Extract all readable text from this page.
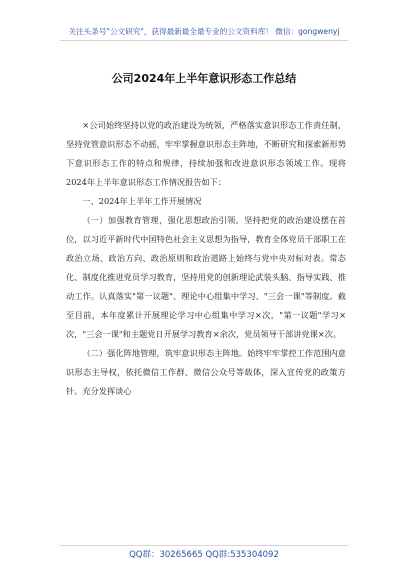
关注头条号"公文研究"，获得最新最全最专业的公文资料库！ 微信：gongwenyj
公司2024年上半年意识形态工作总结

×公司始终坚持以党的政治建设为统领，严格落实意识形态工作责任制，坚持党管意识形态不动摇，牢牢掌握意识形态主阵地，不断研究和探索新形势下意识形态工作的特点和规律，持续加强和改进意识形态领域工作。现将2024年上半年意识形态工作情况报告如下：

一、2024年上半年工作开展情况

（一）加强教育管理，强化思想政治引领。坚持把党的政治建设摆在首位，以习近平新时代中国特色社会主义思想为指导，教育全体党员干部职工在政治立场、政治方向、政治原则和政治道路上始终与党中央对标对表。常态化、制度化推进党员学习教育，坚持用党的创新理论武装头脑、指导实践、推动工作。认真落实"第一议题"、理论中心组集中学习、"三会一课"等制度。截至目前，本年度累计开展理论学习中心组集中学习×次，"第一议题"学习×次，"三会一课"和主题党日开展学习教育×余次，党员领导干部讲党课×次。

（二）强化阵地管理，筑牢意识形态主阵地。始终牢牢掌控工作范围内意识形态主导权，依托微信工作群、微信公众号等载体，深入宣传党的政策方针。充分发挥谈心

QQ群：30265665 QQ群:535304092
